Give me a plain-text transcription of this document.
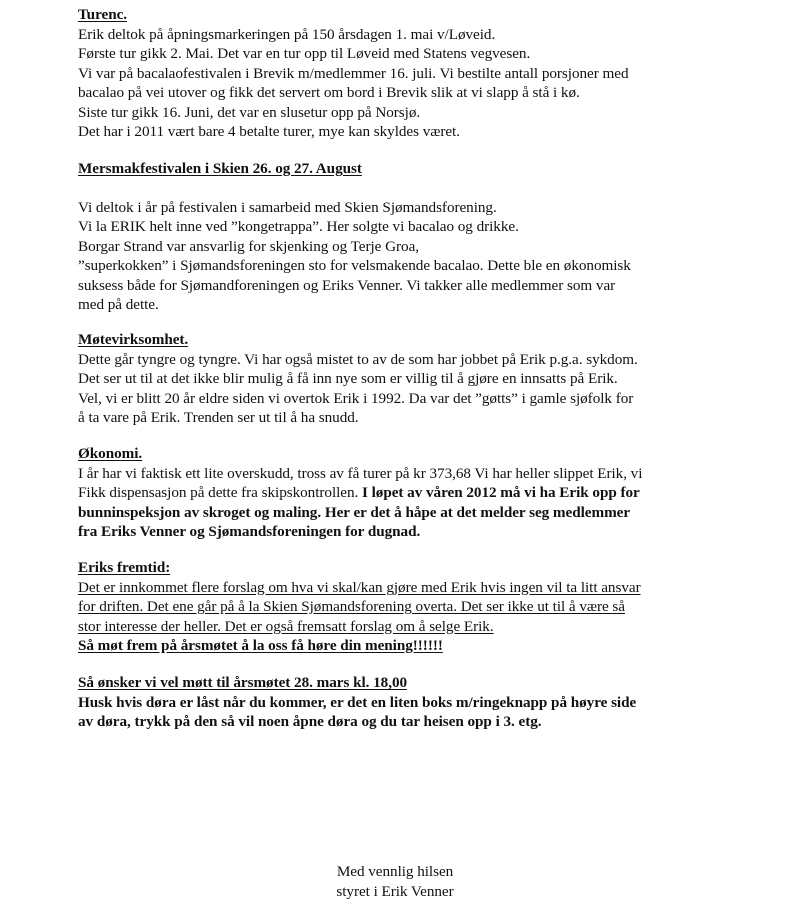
Turenc.
Erik deltok på åpningsmarkeringen på 150 årsdagen 1. mai v/Løveid.
Første tur gikk 2. Mai. Det var en tur opp til Løveid med Statens vegvesen.
Vi var på bacalaofestivalen i Brevik m/medlemmer 16. juli. Vi bestilte antall porsjoner med
bacalao på vei utover og fikk det servert om bord i Brevik slik at vi slapp å stå i kø.
Siste tur gikk 16. Juni, det var en slusetur opp på Norsjø.
Det har i 2011 vært bare 4 betalte turer, mye kan skyldes været.
Mersmakfestivalen i Skien 26. og 27. August
Vi deltok i år på festivalen i samarbeid med Skien Sjømandsforening.
Vi la ERIK helt inne ved ”kongetrappa”. Her solgte vi bacalao og drikke.
Borgar Strand var ansvarlig for skjenking og Terje Groa,
”superkokken” i Sjømandsforeningen sto for velsmakende bacalao. Dette ble en økonomisk
suksess både for Sjømandforeningen og Eriks Venner. Vi takker alle medlemmer som var
med på dette.
Møtevirksomhet.
Dette går tyngre og tyngre. Vi har også mistet to av de som har jobbet på Erik p.g.a. sykdom.
Det ser ut til at det ikke blir mulig å få inn nye som er villig til å gjøre en innsatts på Erik.
Vel, vi er blitt 20 år eldre siden vi overtok Erik i 1992. Da var det ”gøtts” i gamle sjøfolk for
å ta vare på Erik. Trenden ser ut til å ha snudd.
Økonomi.
I år har vi faktisk ett lite overskudd, tross av få turer på kr 373,68 Vi har heller slippet Erik, vi
Fikk dispensasjon på dette fra skipskontrollen. I løpet av våren 2012 må vi ha Erik opp for
bunninspeksjon av skroget og maling. Her er det å håpe at det melder seg medlemmer
fra Eriks Venner og Sjømandsforeningen for dugnad.
Eriks fremtid:
Det er innkommet flere forslag om hva vi skal/kan gjøre med Erik hvis ingen vil ta litt ansvar
for driften. Det ene går på å la Skien Sjømandsforening overta. Det ser ikke ut til å være så
stor interesse der heller. Det er også fremsatt forslag om å selge Erik.
Så møt frem på årsmøtet å la oss få høre din mening!!!!!!
Så ønsker vi vel møtt til årsmøtet 28. mars kl. 18,00
Husk hvis døra er låst når du kommer, er det en liten boks m/ringeknapp på høyre side
av døra, trykk på den så vil noen åpne døra og du tar heisen opp i 3. etg.
Med vennlig hilsen
styret i Erik Venner
